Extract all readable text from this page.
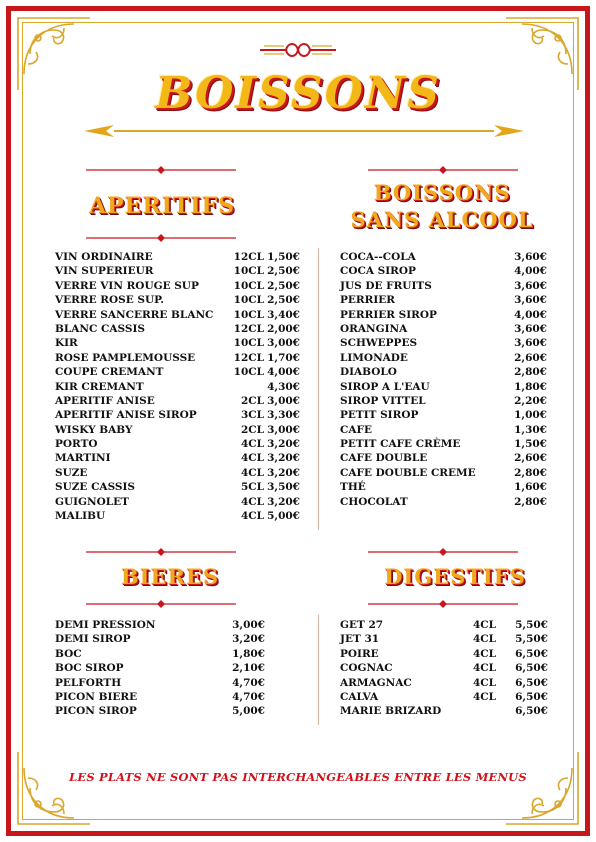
BOISSONS
APERITIFS
VIN ORDINAIRE	12CL 1,50€
VIN SUPERIEUR	10CL 2,50€
VERRE VIN ROUGE SUP	10CL 2,50€
VERRE ROSE SUP.	10CL 2,50€
VERRE SANCERRE BLANC 10CL 3,40€
BLANC CASSIS	12CL 2,00€
KIR	10CL 3,00€
ROSE PAMPLEMOUSSE	12CL 1,70€
COUPE CREMANT	10CL 4,00€
KIR CREMANT	4,30€
APERITIF ANISE	2CL 3,00€
APERITIF ANISE SIROP	3CL 3,30€
WISKY BABY	2CL 3,00€
PORTO	4CL 3,20€
MARTINI	4CL 3,20€
SUZE	4CL 3,20€
SUZE CASSIS	5CL 3,50€
GUIGNOLET	4CL 3,20€
MALIBU	4CL 5,00€
BOISSONS
SANS ALCOOL
COCA--COLA	3,60€
COCA SIROP	4,00€
JUS DE FRUITS	3,60€
PERRIER	3,60€
PERRIER SIROP	4,00€
ORANGINA	3,60€
SCHWEPPES	3,60€
LIMONADE	2,60€
DIABOLO	2,80€
SIROP A L'EAU	1,80€
SIROP VITTEL	2,20€
PETIT SIROP	1,00€
CAFE	1,30€
PETIT CAFE CRÈME	1,50€
CAFE DOUBLE	2,60€
CAFE DOUBLE CREME	2,80€
THÉ	1,60€
CHOCOLAT	2,80€
BIERES
DEMI PRESSION	3,00€
DEMI SIROP	3,20€
BOC	1,80€
BOC SIROP	2,10€
PELFORTH	4,70€
PICON BIERE	4,70€
PICON SIROP	5,00€
DIGESTIFS
GET 27	4CL 5,50€
JET 31	4CL 5,50€
POIRE	4CL 6,50€
COGNAC	4CL 6,50€
ARMAGNAC	4CL 6,50€
CALVA	4CL 6,50€
MARIE BRIZARD	6,50€
LES PLATS NE SONT PAS INTERCHANGEABLES ENTRE LES MENUS
